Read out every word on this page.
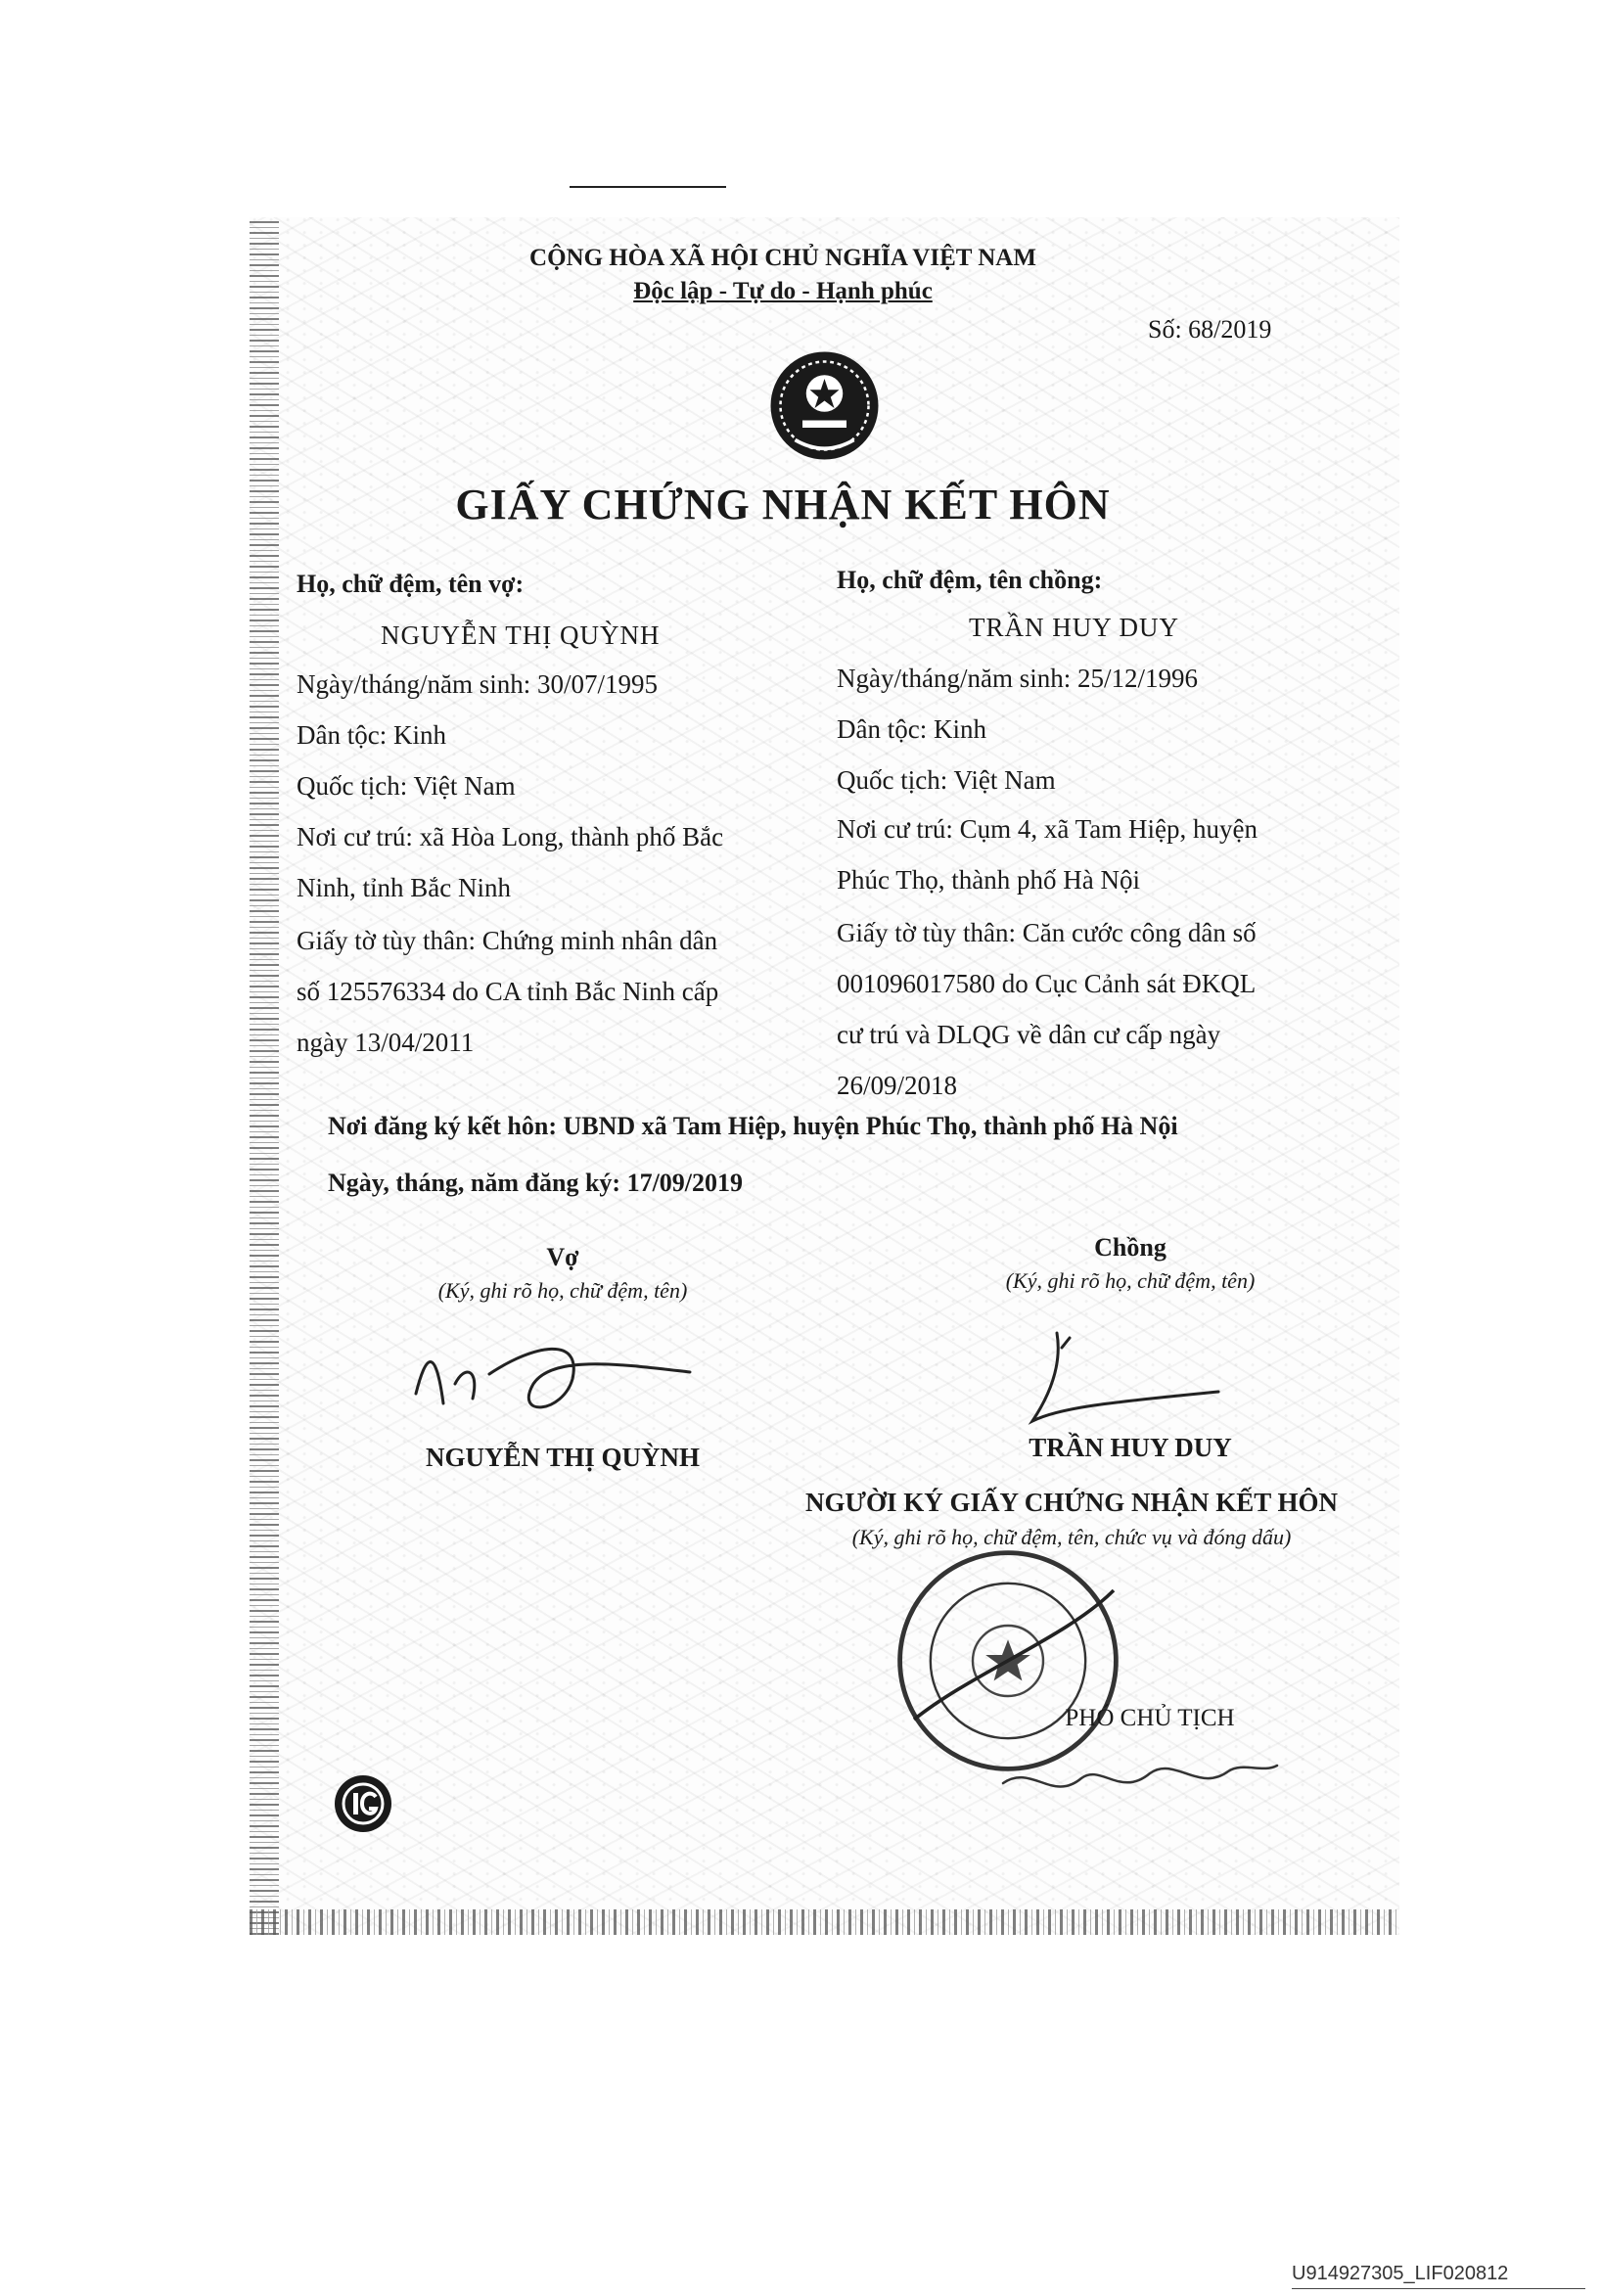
CỘNG HÒA XÃ HỘI CHỦ NGHĨA VIỆT NAM
Độc lập - Tự do - Hạnh phúc
Số: 68/2019
GIẤY CHỨNG NHẬN KẾT HÔN
Họ, chữ đệm, tên vợ:
NGUYỄN THỊ QUỲNH
Ngày/tháng/năm sinh: 30/07/1995
Dân tộc: Kinh
Quốc tịch: Việt Nam
Nơi cư trú: xã Hòa Long, thành phố Bắc
Ninh, tỉnh Bắc Ninh
Giấy tờ tùy thân: Chứng minh nhân dân
số 125576334 do CA tỉnh Bắc Ninh cấp
ngày 13/04/2011
Họ, chữ đệm, tên chồng:
TRẦN HUY DUY
Ngày/tháng/năm sinh: 25/12/1996
Dân tộc: Kinh
Quốc tịch: Việt Nam
Nơi cư trú: Cụm 4, xã Tam Hiệp, huyện
Phúc Thọ, thành phố Hà Nội
Giấy tờ tùy thân: Căn cước công dân số
001096017580 do Cục Cảnh sát ĐKQL
cư trú và DLQG về dân cư cấp ngày
26/09/2018
Nơi đăng ký kết hôn: UBND xã Tam Hiệp, huyện Phúc Thọ, thành phố Hà Nội
Ngày, tháng, năm đăng ký: 17/09/2019
Vợ
(Ký, ghi rõ họ, chữ đệm, tên)
NGUYỄN THỊ QUỲNH
Chồng
(Ký, ghi rõ họ, chữ đệm, tên)
TRẦN HUY DUY
NGƯỜI KÝ GIẤY CHỨNG NHẬN KẾT HÔN
(Ký, ghi rõ họ, chữ đệm, tên, chức vụ và đóng dấu)
PHÓ CHỦ TỊCH
U914927305_LIF020812
